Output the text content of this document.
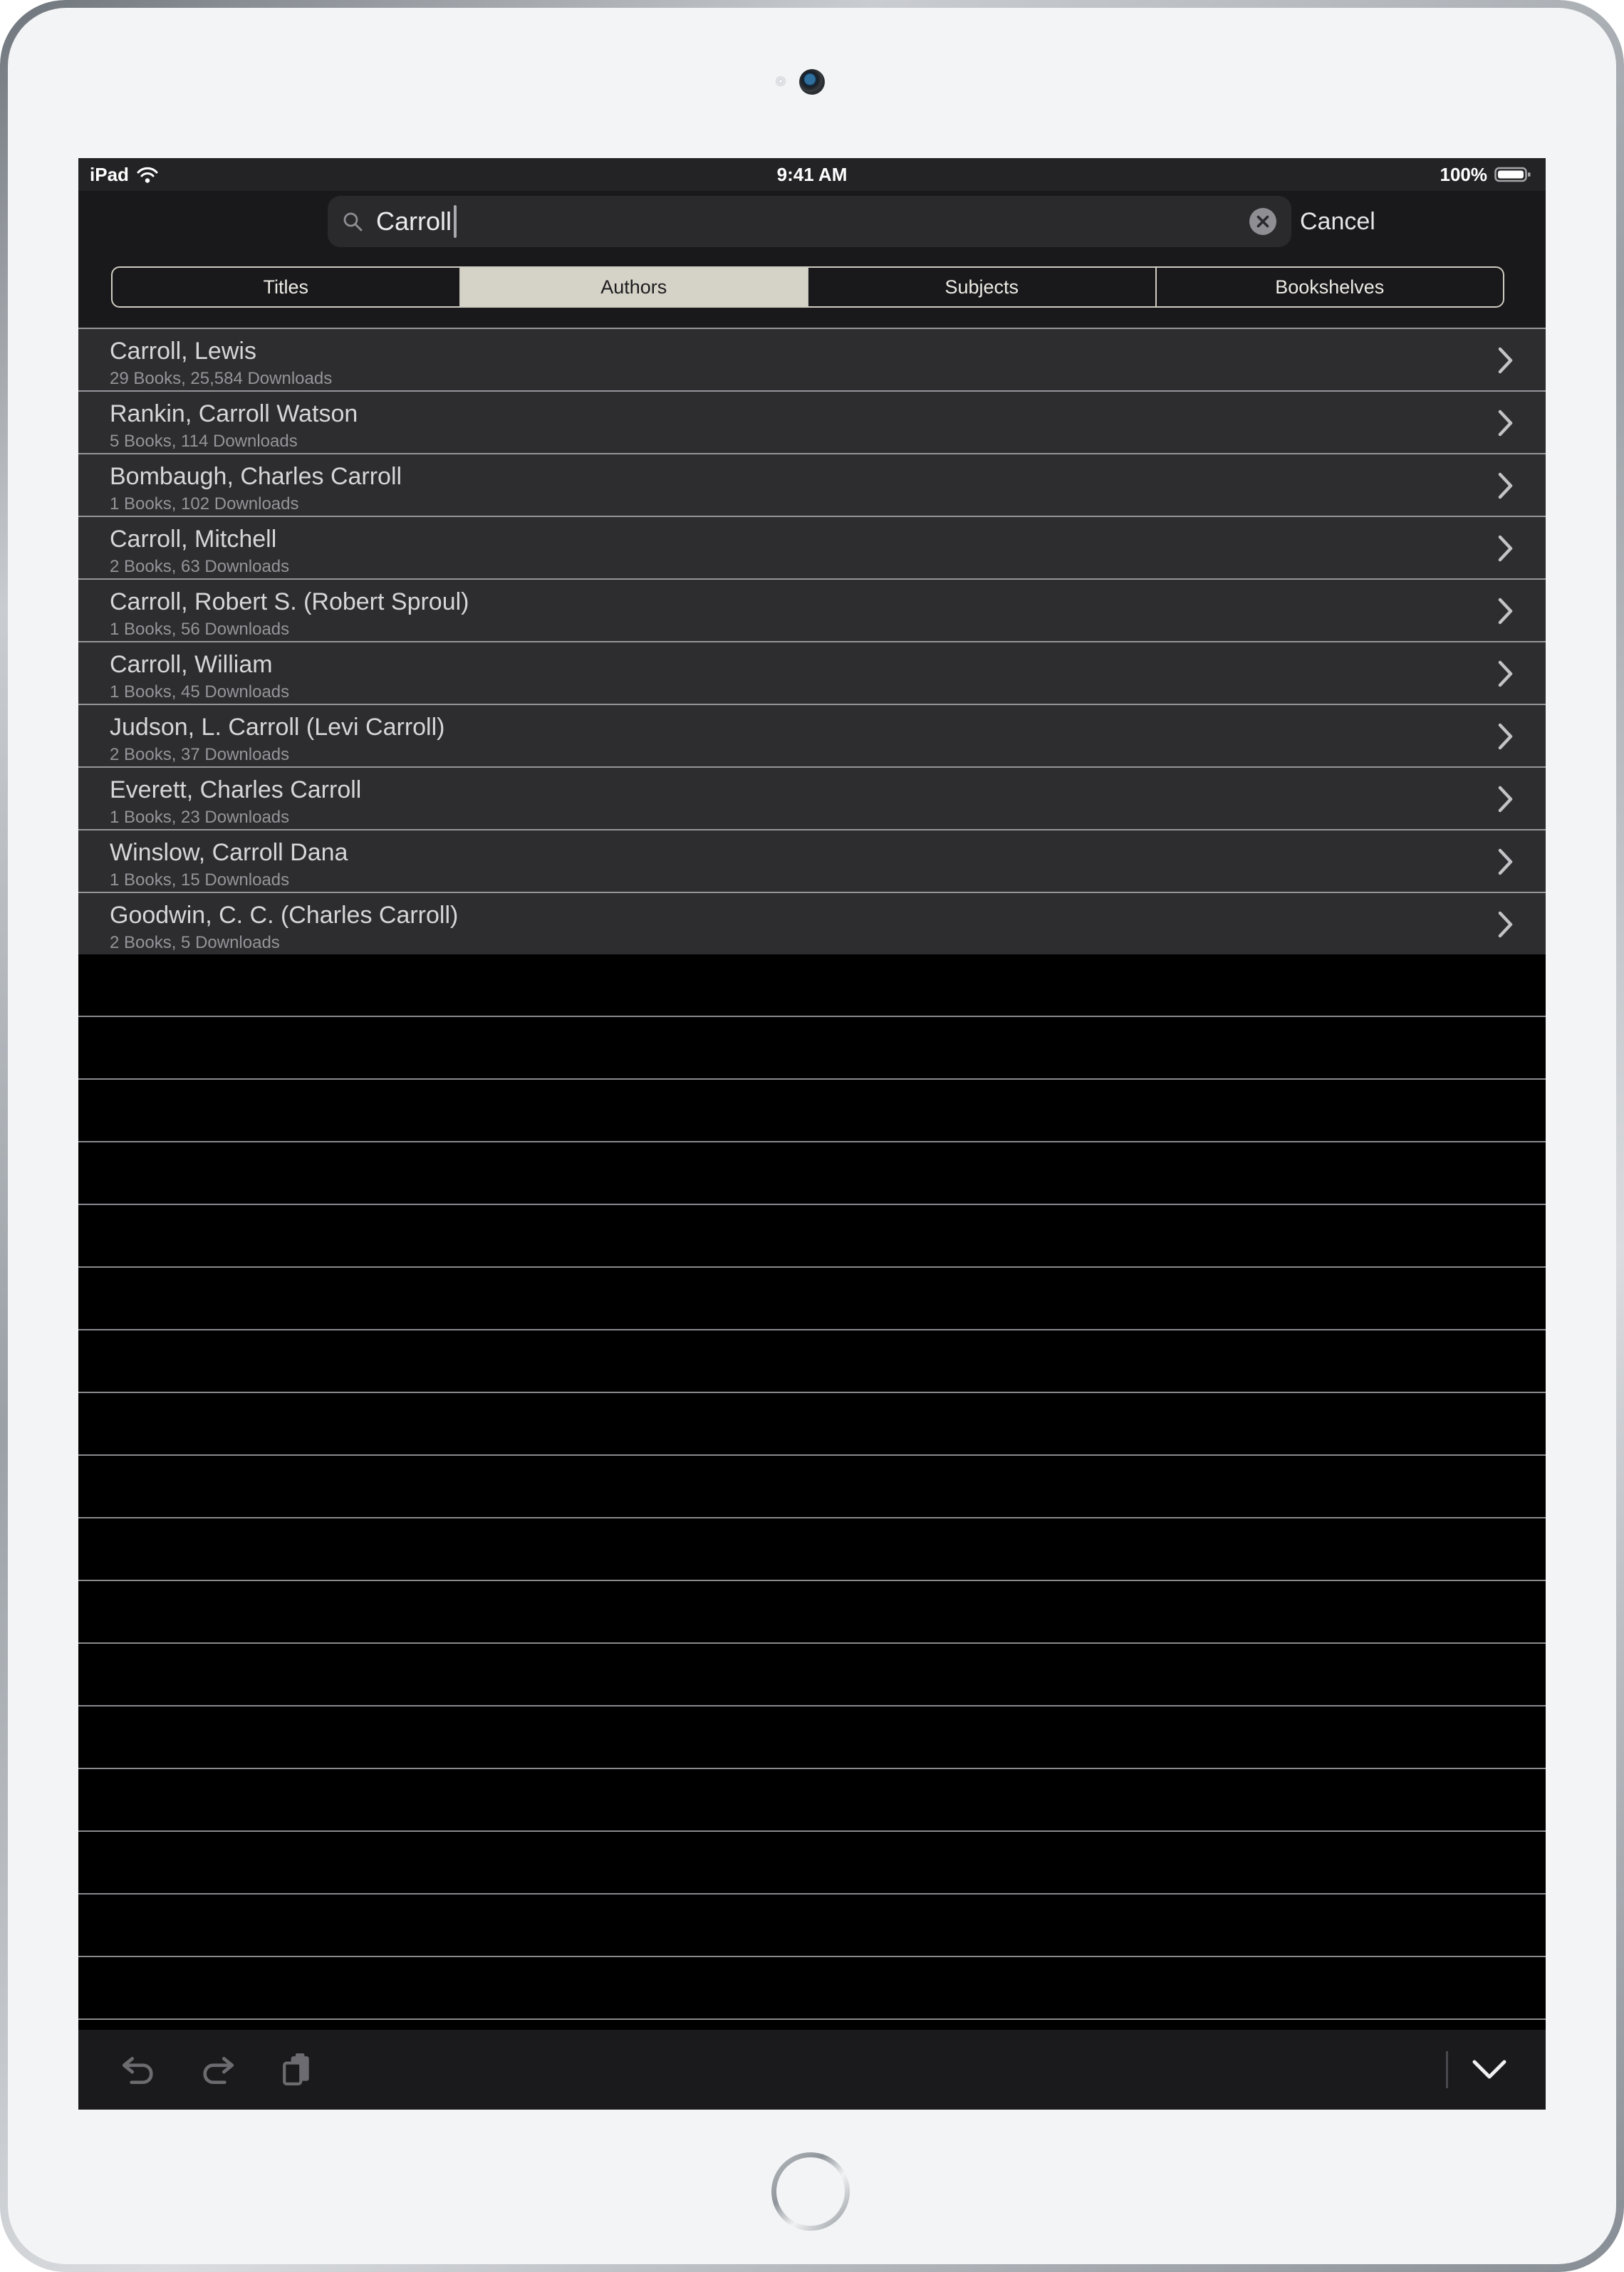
iPad	9:41 AM	100%
Carroll	Cancel
Titles	Authors	Subjects	Bookshelves
Carroll, Lewis
29 Books, 25,584 Downloads
Rankin, Carroll Watson
5 Books, 114 Downloads
Bombaugh, Charles Carroll
1 Books, 102 Downloads
Carroll, Mitchell
2 Books, 63 Downloads
Carroll, Robert S. (Robert Sproul)
1 Books, 56 Downloads
Carroll, William
1 Books, 45 Downloads
Judson, L. Carroll (Levi Carroll)
2 Books, 37 Downloads
Everett, Charles Carroll
1 Books, 23 Downloads
Winslow, Carroll Dana
1 Books, 15 Downloads
Goodwin, C. C. (Charles Carroll)
2 Books, 5 Downloads
